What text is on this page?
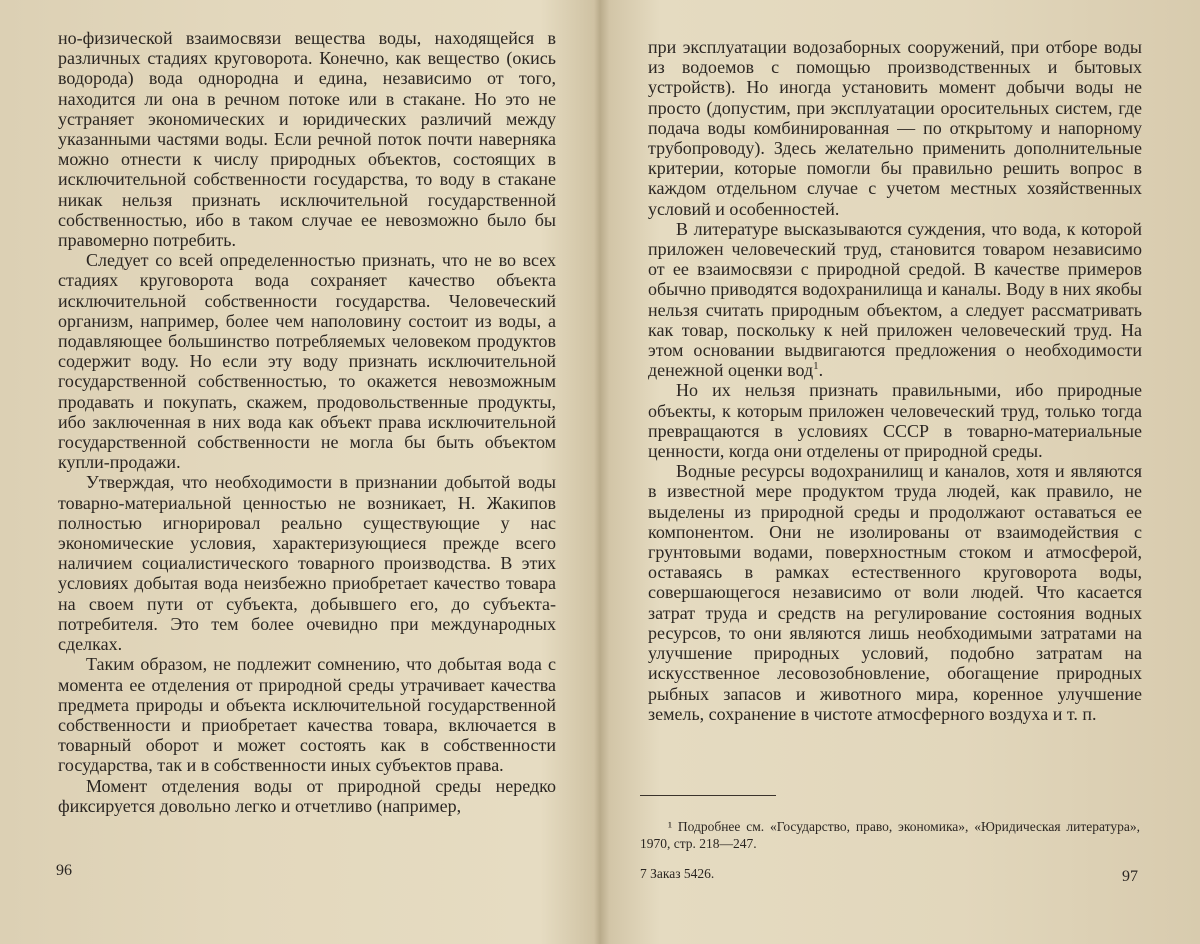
но-физической взаимосвязи вещества воды, находящейся в различных стадиях круговорота. Конечно, как вещество (окись водорода) вода однородна и едина, независимо от того, находится ли она в речном потоке или в стакане. Но это не устраняет экономических и юридических различий между указанными частями воды. Если речной поток почти наверняка можно отнести к числу природных объектов, состоящих в исключительной собственности государства, то воду в стакане никак нельзя признать исключительной государственной собственностью, ибо в таком случае ее невозможно было бы правомерно потребить.

Следует со всей определенностью признать, что не во всех стадиях круговорота вода сохраняет качество объекта исключительной собственности государства. Человеческий организм, например, более чем наполовину состоит из воды, а подавляющее большинство потребляемых человеком продуктов содержит воду. Но если эту воду признать исключительной государственной собственностью, то окажется невозможным продавать и покупать, скажем, продовольственные продукты, ибо заключенная в них вода как объект права исключительной государственной собственности не могла бы быть объектом купли-продажи.

Утверждая, что необходимости в признании добытой воды товарно-материальной ценностью не возникает, Н. Жакипов полностью игнорировал реально существующие у нас экономические условия, характеризующиеся прежде всего наличием социалистического товарного производства. В этих условиях добытая вода неизбежно приобретает качество товара на своем пути от субъекта, добывшего его, до субъекта-потребителя. Это тем более очевидно при международных сделках.

Таким образом, не подлежит сомнению, что добытая вода с момента ее отделения от природной среды утрачивает качества предмета природы и объекта исключительной государственной собственности и приобретает качества товара, включается в товарный оборот и может состоять как в собственности государства, так и в собственности иных субъектов права.

Момент отделения воды от природной среды нередко фиксируется довольно легко и отчетливо (например,

96

при эксплуатации водозаборных сооружений, при отборе воды из водоемов с помощью производственных и бытовых устройств). Но иногда установить момент добычи воды не просто (допустим, при эксплуатации оросительных систем, где подача воды комбинированная — по открытому и напорному трубопроводу). Здесь желательно применить дополнительные критерии, которые помогли бы правильно решить вопрос в каждом отдельном случае с учетом местных хозяйственных условий и особенностей.

В литературе высказываются суждения, что вода, к которой приложен человеческий труд, становится товаром независимо от ее взаимосвязи с природной средой. В качестве примеров обычно приводятся водохранилища и каналы. Воду в них якобы нельзя считать природным объектом, а следует рассматривать как товар, поскольку к ней приложен человеческий труд. На этом основании выдвигаются предложения о необходимости денежной оценки вод$^1$.

Но их нельзя признать правильными, ибо природные объекты, к которым приложен человеческий труд, только тогда превращаются в условиях СССР в товарно-материальные ценности, когда они отделены от природной среды.

Водные ресурсы водохранилищ и каналов, хотя и являются в известной мере продуктом труда людей, как правило, не выделены из природной среды и продолжают оставаться ее компонентом. Они не изолированы от взаимодействия с грунтовыми водами, поверхностным стоком и атмосферой, оставаясь в рамках естественного круговорота воды, совершающегося независимо от воли людей. Что касается затрат труда и средств на регулирование состояния водных ресурсов, то они являются лишь необходимыми затратами на улучшение природных условий, подобно затратам на искусственное лесовозобновление, обогащение природных рыбных запасов и животного мира, коренное улучшение земель, сохранение в чистоте атмосферного воздуха и т. п.

¹ Подробнее см. «Государство, право, экономика», «Юридическая литература», 1970, стр. 218—247.
7 Заказ 5426.	97
